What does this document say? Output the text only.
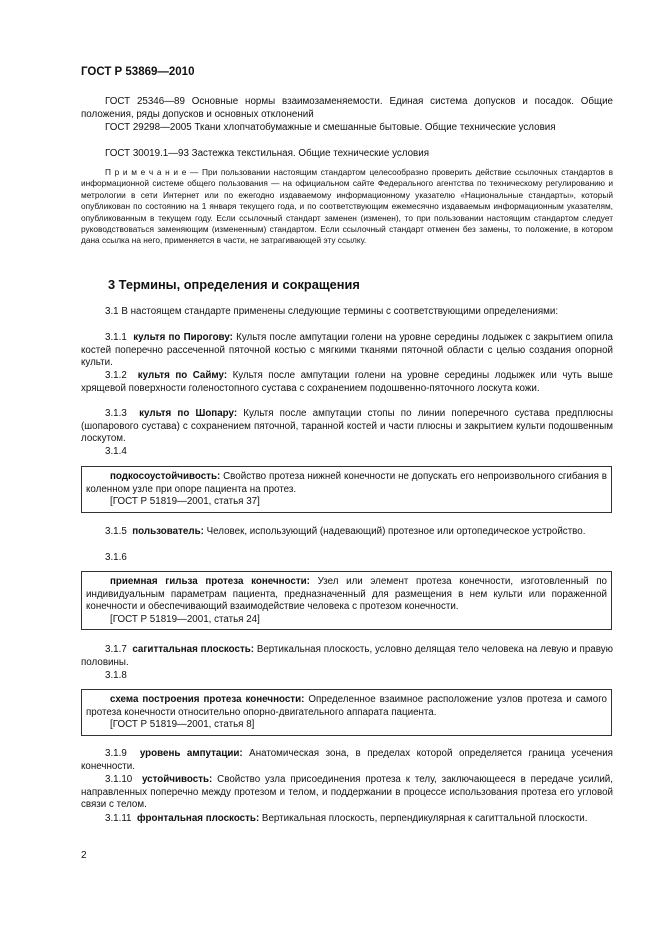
ГОСТ Р 53869—2010
ГОСТ 25346—89 Основные нормы взаимозаменяемости. Единая система допусков и посадок. Общие положения, ряды допусков и основных отклонений
ГОСТ 29298—2005 Ткани хлопчатобумажные и смешанные бытовые. Общие технические условия
ГОСТ 30019.1—93 Застежка текстильная. Общие технические условия
П р и м е ч а н и е — При пользовании настоящим стандартом целесообразно проверить действие ссылочных стандартов в информационной системе общего пользования — на официальном сайте Федерального агентства по техническому регулированию и метрологии в сети Интернет или по ежегодно издаваемому информационному указателю «Национальные стандарты», который опубликован по состоянию на 1 января текущего года, и по соответствующим ежемесячно издаваемым информационным указателям, опубликованным в текущем году. Если ссылочный стандарт заменен (изменен), то при пользовании настоящим стандартом следует руководствоваться заменяющим (измененным) стандартом. Если ссылочный стандарт отменен без замены, то положение, в котором дана ссылка на него, применяется в части, не затрагивающей эту ссылку.
3 Термины, определения и сокращения
3.1 В настоящем стандарте применены следующие термины с соответствующими определениями:
3.1.1 культя по Пирогову: Культя после ампутации голени на уровне середины лодыжек с закрытием опила костей поперечно рассеченной пяточной костью с мягкими тканями пяточной области с целью создания опорной культи.
3.1.2 культя по Сайму: Культя после ампутации голени на уровне середины лодыжек или чуть выше хрящевой поверхности голеностопного сустава с сохранением подошвенно-пяточного лоскута кожи.
3.1.3 культя по Шопару: Культя после ампутации стопы по линии поперечного сустава предплюсны (шопарового сустава) с сохранением пяточной, таранной костей и части плюсны и закрытием культи подошвенным лоскутом.
3.1.4
подкосоустойчивость: Свойство протеза нижней конечности не допускать его непроизвольного сгибания в коленном узле при опоре пациента на протез.
[ГОСТ Р 51819—2001, статья 37]
3.1.5 пользователь: Человек, использующий (надевающий) протезное или ортопедическое устройство.
3.1.6
приемная гильза протеза конечности: Узел или элемент протеза конечности, изготовленный по индивидуальным параметрам пациента, предназначенный для размещения в нем культи или пораженной конечности и обеспечивающий взаимодействие человека с протезом конечности.
[ГОСТ Р 51819—2001, статья 24]
3.1.7 сагиттальная плоскость: Вертикальная плоскость, условно делящая тело человека на левую и правую половины.
3.1.8
схема построения протеза конечности: Определенное взаимное расположение узлов протеза и самого протеза конечности относительно опорно-двигательного аппарата пациента.
[ГОСТ Р 51819—2001, статья 8]
3.1.9 уровень ампутации: Анатомическая зона, в пределах которой определяется граница усечения конечности.
3.1.10 устойчивость: Свойство узла присоединения протеза к телу, заключающееся в передаче усилий, направленных поперечно между протезом и телом, и поддержании в процессе использования протеза его угловой связи с телом.
3.1.11 фронтальная плоскость: Вертикальная плоскость, перпендикулярная к сагиттальной плоскости.
2
